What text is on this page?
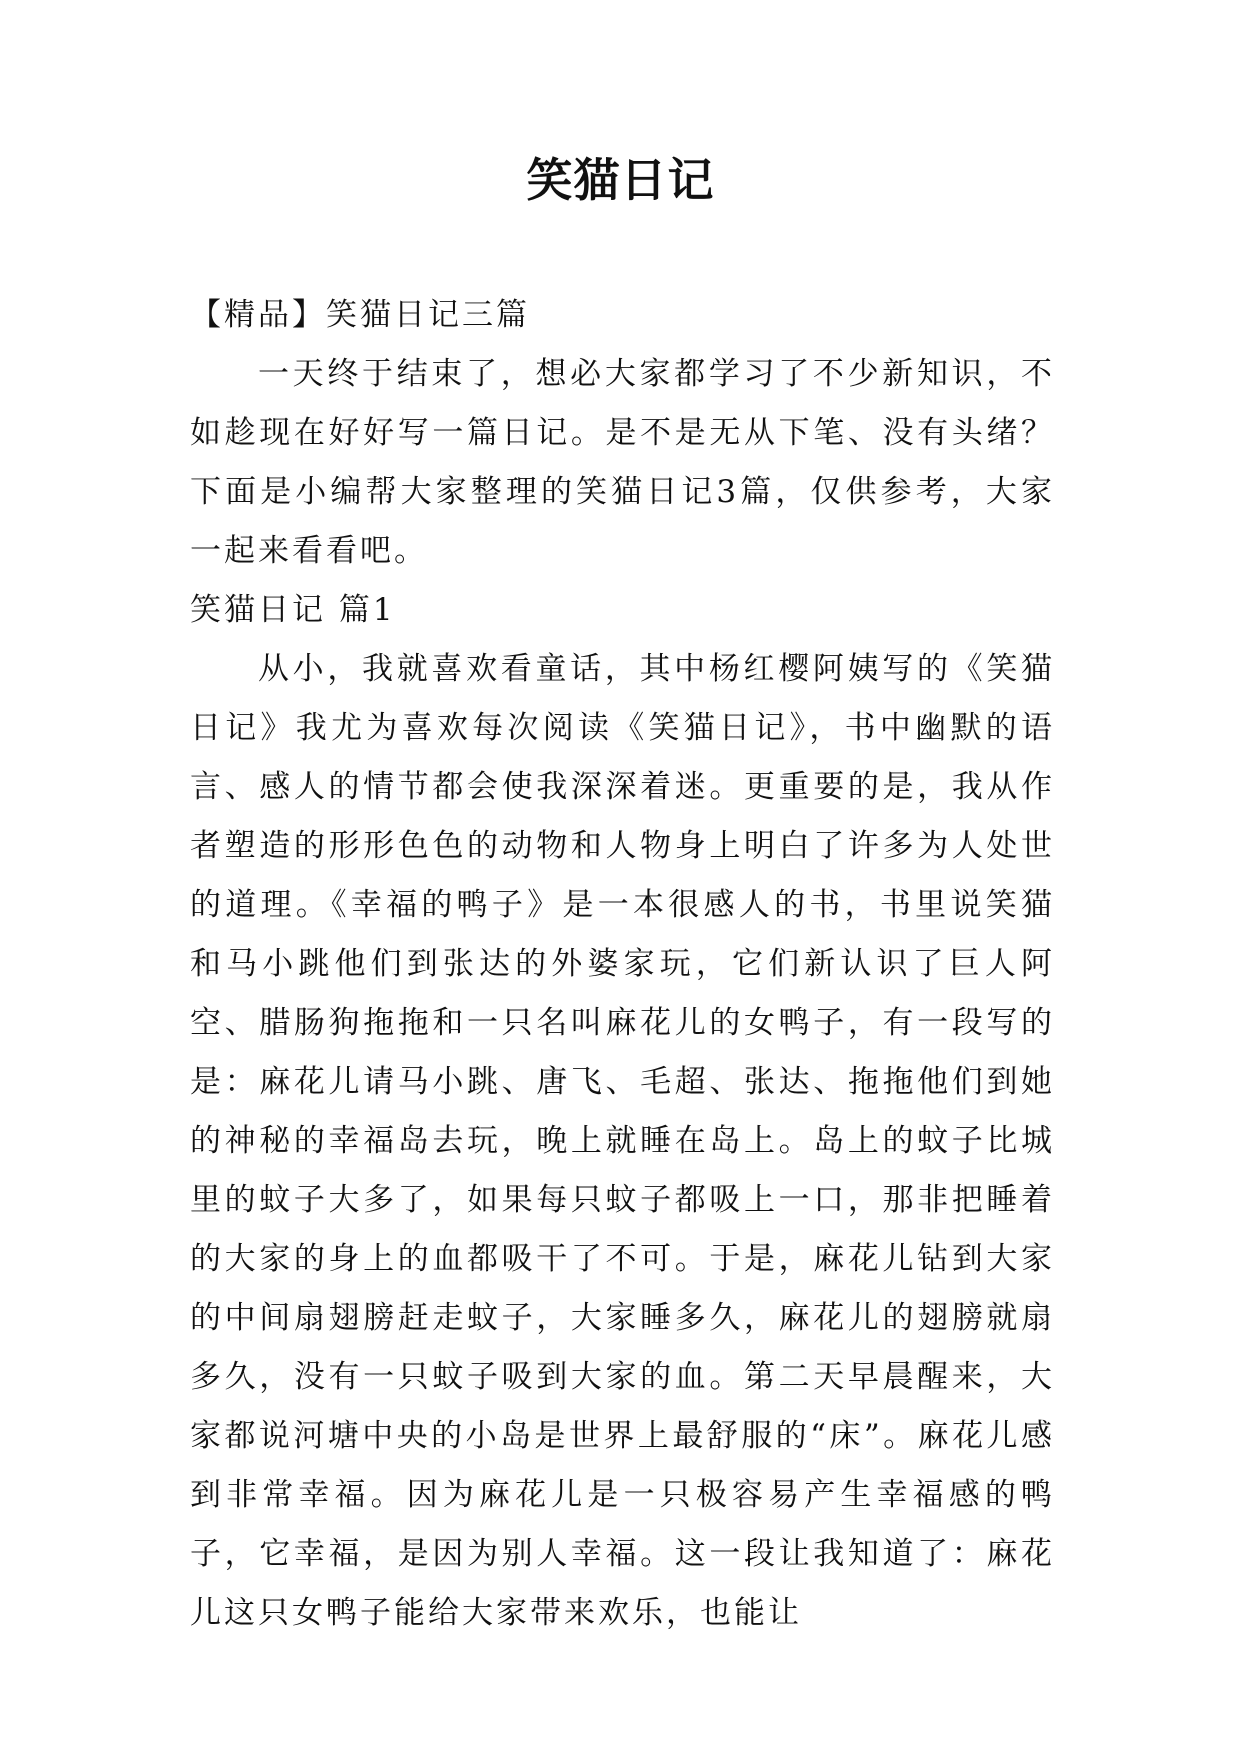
笑猫日记

【精品】笑猫日记三篇

一天终于结束了，想必大家都学习了不少新知识，不如趁现在好好写一篇日记。是不是无从下笔、没有头绪？下面是小编帮大家整理的笑猫日记3篇，仅供参考，大家一起来看看吧。

笑猫日记 篇1

从小，我就喜欢看童话，其中杨红樱阿姨写的《笑猫日记》我尤为喜欢每次阅读《笑猫日记》，书中幽默的语言、感人的情节都会使我深深着迷。更重要的是，我从作者塑造的形形色色的动物和人物身上明白了许多为人处世的道理。《幸福的鸭子》是一本很感人的书，书里说笑猫和马小跳他们到张达的外婆家玩，它们新认识了巨人阿空、腊肠狗拖拖和一只名叫麻花儿的女鸭子，有一段写的是：麻花儿请马小跳、唐飞、毛超、张达、拖拖他们到她的神秘的幸福岛去玩，晚上就睡在岛上。岛上的蚊子比城里的蚊子大多了，如果每只蚊子都吸上一口，那非把睡着的大家的身上的血都吸干了不可。于是，麻花儿钻到大家的中间扇翅膀赶走蚊子，大家睡多久，麻花儿的翅膀就扇多久，没有一只蚊子吸到大家的血。第二天早晨醒来，大家都说河塘中央的小岛是世界上最舒服的“床”。麻花儿感到非常幸福。因为麻花儿是一只极容易产生幸福感的鸭子，它幸福，是因为别人幸福。这一段让我知道了：麻花儿这只女鸭子能给大家带来欢乐，也能让
